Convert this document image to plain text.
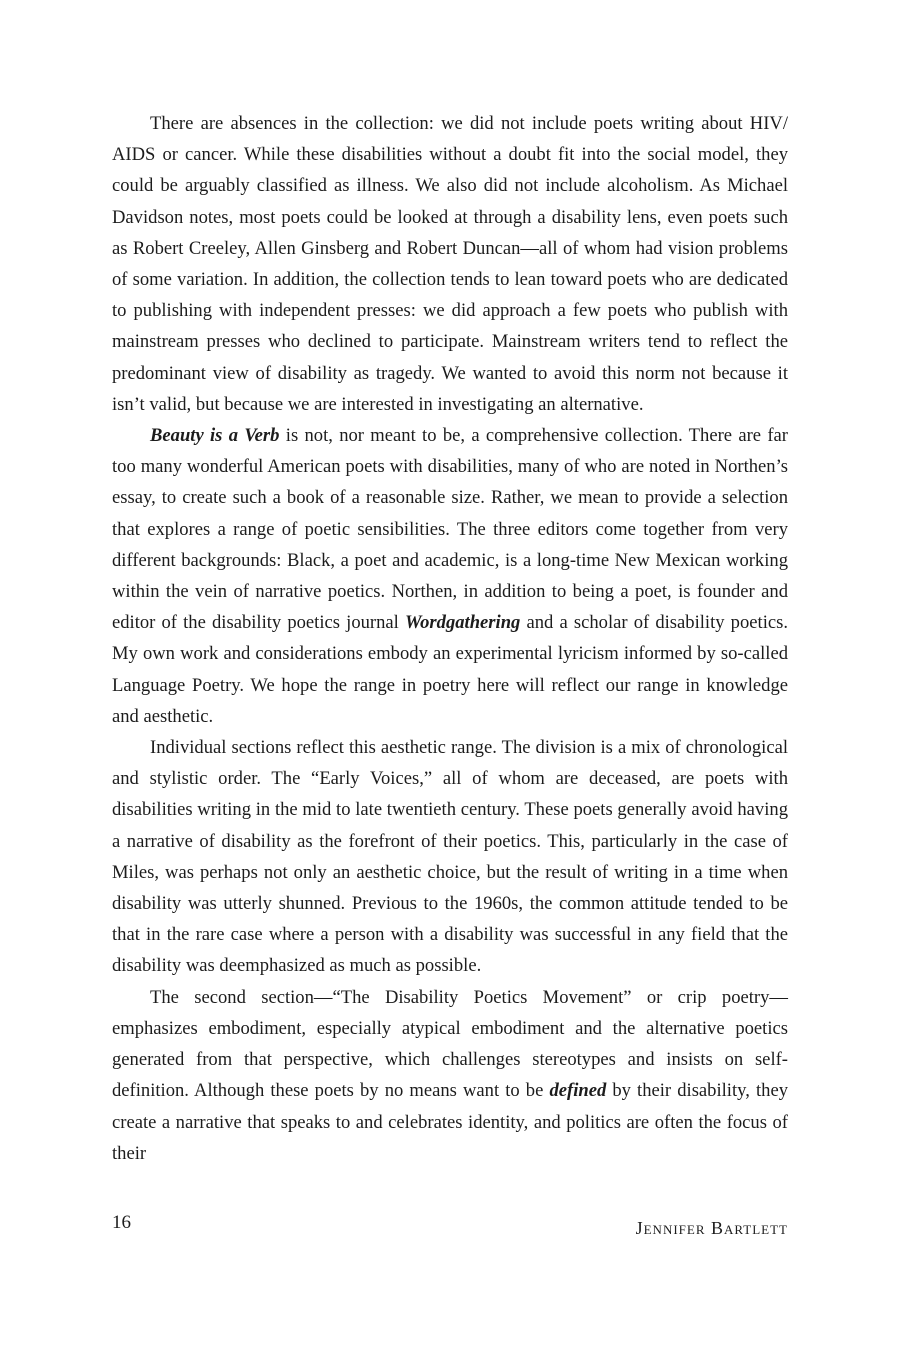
There are absences in the collection: we did not include poets writing about HIV/ AIDS or cancer. While these disabilities without a doubt fit into the social model, they could be arguably classified as illness. We also did not include alcoholism. As Michael Davidson notes, most poets could be looked at through a disability lens, even poets such as Robert Creeley, Allen Ginsberg and Robert Duncan—all of whom had vision problems of some variation. In addition, the collection tends to lean toward poets who are dedicated to publishing with independent presses: we did approach a few poets who publish with mainstream presses who declined to participate. Mainstream writers tend to reflect the predominant view of disability as tragedy. We wanted to avoid this norm not because it isn’t valid, but because we are interested in investigating an alternative.

Beauty is a Verb is not, nor meant to be, a comprehensive collection. There are far too many wonderful American poets with disabilities, many of who are noted in Northen’s essay, to create such a book of a reasonable size. Rather, we mean to provide a selection that explores a range of poetic sensibilities. The three editors come together from very different backgrounds: Black, a poet and academic, is a long-time New Mexican working within the vein of narrative poetics. Northen, in addition to being a poet, is founder and editor of the disability poetics journal Wordgathering and a scholar of disability poetics. My own work and considerations embody an experimental lyricism informed by so-called Language Poetry. We hope the range in poetry here will reflect our range in knowledge and aesthetic.

Individual sections reflect this aesthetic range. The division is a mix of chronological and stylistic order. The “Early Voices,” all of whom are deceased, are poets with disabilities writing in the mid to late twentieth century. These poets generally avoid having a narrative of disability as the forefront of their poetics. This, particularly in the case of Miles, was perhaps not only an aesthetic choice, but the result of writing in a time when disability was utterly shunned. Previous to the 1960s, the common attitude tended to be that in the rare case where a person with a disability was successful in any field that the disability was deemphasized as much as possible.

The second section—“The Disability Poetics Movement” or crip poetry—emphasizes embodiment, especially atypical embodiment and the alternative poetics generated from that perspective, which challenges stereotypes and insists on self-definition. Although these poets by no means want to be defined by their disability, they create a narrative that speaks to and celebrates identity, and politics are often the focus of their

16	Jennifer Bartlett
